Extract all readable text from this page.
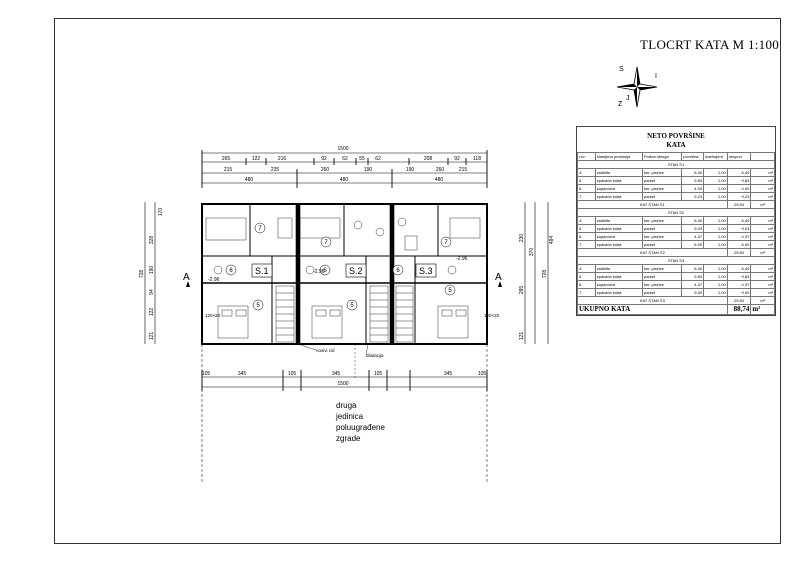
TLOCRT KATA M 1:100
S
I
Z
J
1500
265	122	216	92	62 55 62	208	92	118
215	235	260	190	190	260	215
480	480	480
105	345	105	345	105	345	105
1500
170
328
190
94
122
121
728
230
370
285
121
728
484
S.1	S.2	S.3
7
7	7
6	6	6
5	5
5
A	A
-2.96
-2.96
-2.96
nosivi zid
dilatacija
120×20	120×20
druga
jedinica
poluugrađene
zgrade
NETO POVRŠINE
KATA
r.br.	Namjena prostorija	Podna obloga	površina	koeficijent	ukupno	
STAN S1						
4.	stubište	ker. pločice	6,40	1,00	6,40	m²
5.	spavaća soba	parket	9,83	1,00	9,83	m²
6.	kupaonica	ker. pločice	4,00	1,00	4,00	m²
7.	spavaća soba	parket	9,23	1,00	9,23	m²
KAT STAN S1					29,54	m²
STAN S2						
4.	stubište	ker. pločice	6,40	1,00	6,40	m²
5.	spavaća soba	parket	9,03	1,00	9,03	m²
6.	kupaonica	ker. pločice	4,37	1,00	4,37	m²
7.	spavaća soba	parket	6,00	1,00	6,00	m²
KAT STAN S2					25,80	m²
STAN S3						
4.	stubište	ker. pločice	6,40	1,00	6,40	m²
5.	spavaća soba	parket	9,83	1,00	9,83	m²
6.	kupaonica	ker. pločice	4,37	1,00	4,37	m²
7.	spavaća soba	parket	9,00	1,00	9,00	m²
KAT STAN S3					29,60	m²
UKUPNO KATA					88,74	m²
